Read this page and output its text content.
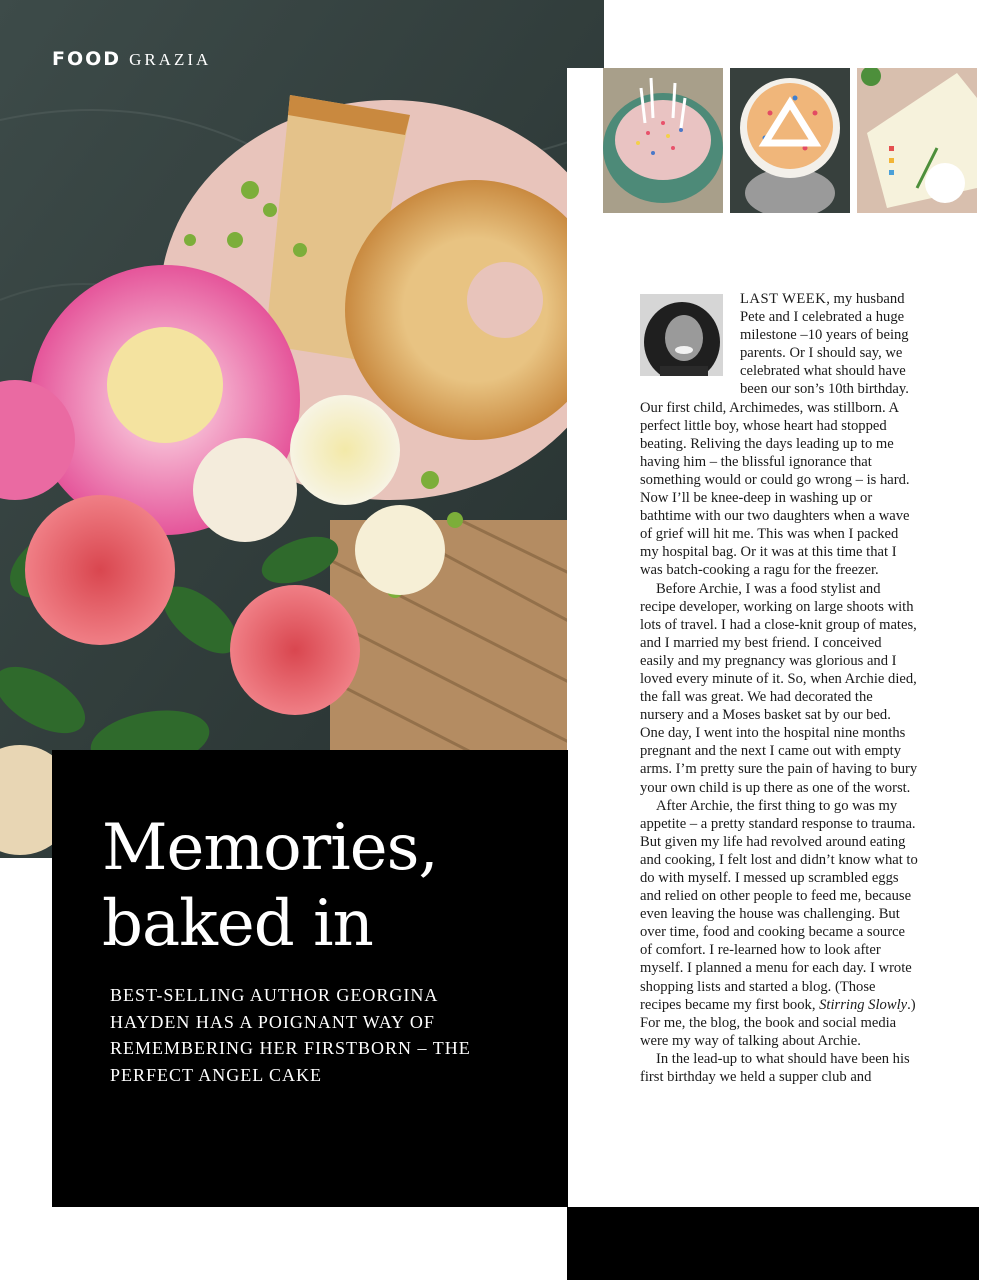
FOOD GRAZIA

LAST WEEK, my husband Pete and I celebrated a huge milestone –10 years of being parents. Or I should say, we celebrated what should have been our son’s 10th birthday. Our first child, Archimedes, was stillborn. A perfect little boy, whose heart had stopped beating. Reliving the days leading up to me having him – the blissful ignorance that something would or could go wrong – is hard. Now I’ll be knee-deep in washing up or bathtime with our two daughters when a wave of grief will hit me. This was when I packed my hospital bag. Or it was at this time that I was batch-cooking a ragu for the freezer.

Before Archie, I was a food stylist and recipe developer, working on large shoots with lots of travel. I had a close-knit group of mates, and I married my best friend. I conceived easily and my pregnancy was glorious and I loved every minute of it. So, when Archie died, the fall was great. We had decorated the nursery and a Moses basket sat by our bed. One day, I went into the hospital nine months pregnant and the next I came out with empty arms. I’m pretty sure the pain of having to bury your own child is up there as one of the worst.

After Archie, the first thing to go was my appetite – a pretty standard response to trauma. But given my life had revolved around eating and cooking, I felt lost and didn’t know what to do with myself. I messed up scrambled eggs and relied on other people to feed me, because even leaving the house was challenging. But over time, food and cooking became a source of comfort. I re-learned how to look after myself. I planned a menu for each day. I wrote shopping lists and started a blog. (Those recipes became my first book, Stirring Slowly.) For me, the blog, the book and social media were my way of talking about Archie.

In the lead-up to what should have been his first birthday we held a supper club and

Memories,
baked in

BEST-SELLING AUTHOR GEORGINA HAYDEN HAS A POIGNANT WAY OF REMEMBERING HER FIRSTBORN – THE PERFECT ANGEL CAKE
